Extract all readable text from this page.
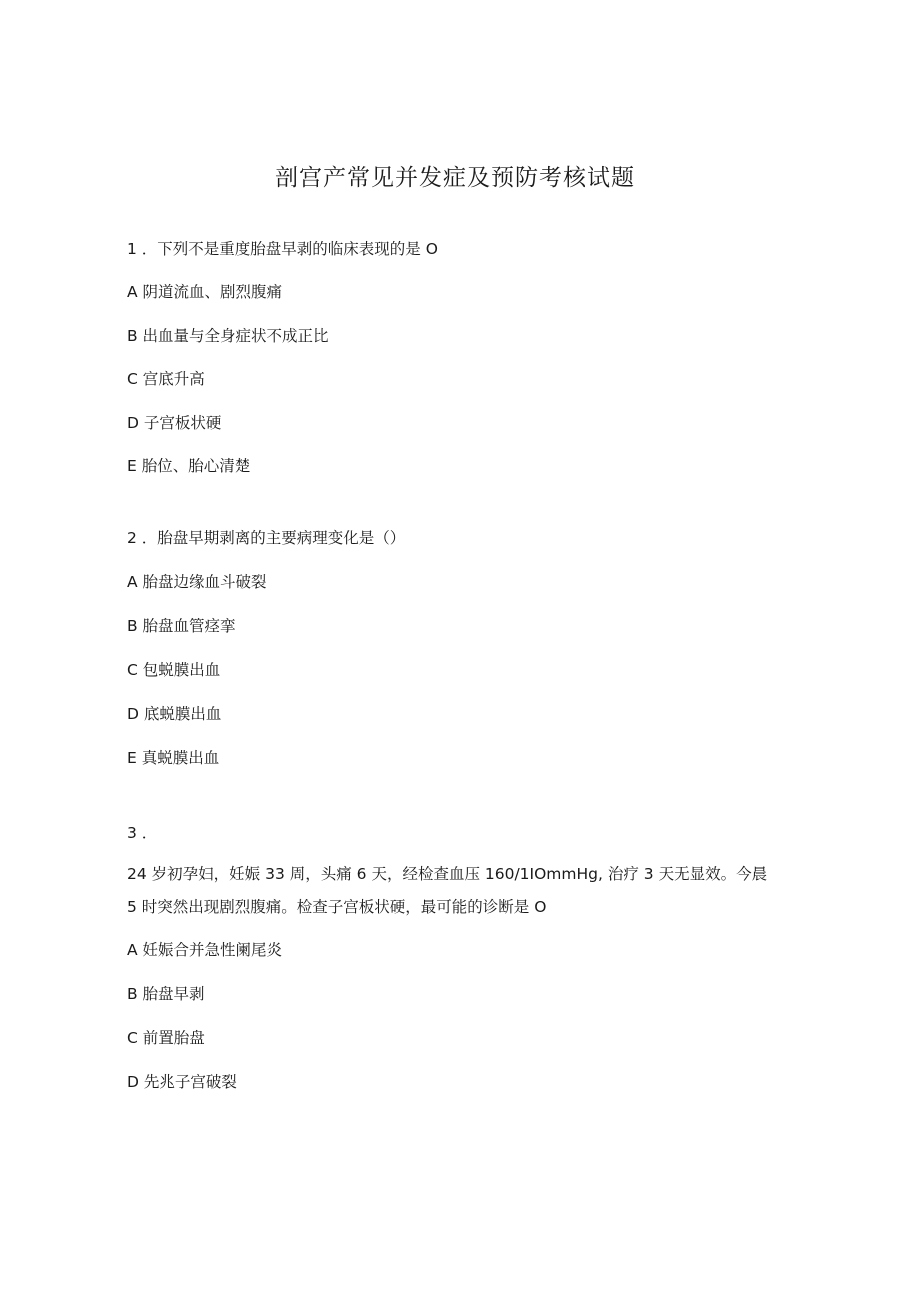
剖宫产常见并发症及预防考核试题
1 ．下列不是重度胎盘早剥的临床表现的是 O
A 阴道流血、剧烈腹痛
B 出血量与全身症状不成正比
C 宫底升高
D 子宫板状硬
E 胎位、胎心清楚
2 ．胎盘早期剥离的主要病理变化是（）
A 胎盘边缘血斗破裂
B 胎盘血管痉挛
C 包蜕膜出血
D 底蜕膜出血
E 真蜕膜出血
3 ．
24 岁初孕妇，妊娠 33 周，头痛 6 天，经检查血压 160/1IOmmHg, 治疗 3 天无显效。今晨
5 时突然出现剧烈腹痛。检查子宫板状硬，最可能的诊断是 O
A 妊娠合并急性阑尾炎
B 胎盘早剥
C 前置胎盘
D 先兆子宫破裂
